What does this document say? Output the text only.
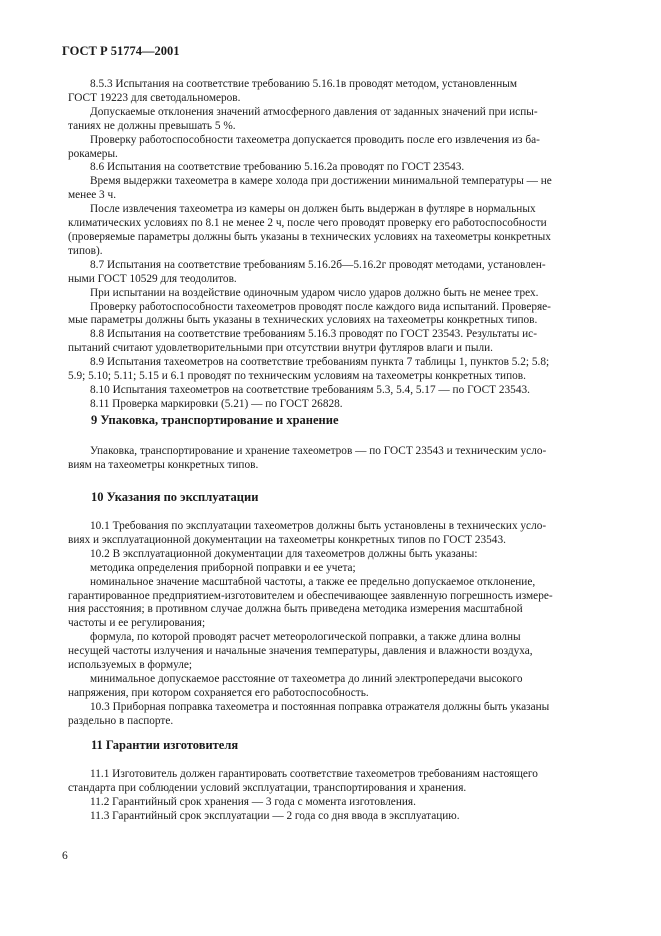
ГОСТ Р 51774—2001

8.5.3 Испытания на соответствие требованию 5.16.1в проводят методом, установленным

ГОСТ 19223 для светодальномеров.

Допускаемые отклонения значений атмосферного давления от заданных значений при испы-

таниях не должны превышать 5 %.

Проверку работоспособности тахеометра допускается проводить после его извлечения из ба-

рокамеры.

8.6 Испытания на соответствие требованию 5.16.2а проводят по ГОСТ 23543.

Время выдержки тахеометра в камере холода при достижении минимальной температуры — не

менее 3 ч.

После извлечения тахеометра из камеры он должен быть выдержан в футляре в нормальных

климатических условиях по 8.1 не менее 2 ч, после чего проводят проверку его работоспособности

(проверяемые параметры должны быть указаны в технических условиях на тахеометры конкретных

типов).

8.7 Испытания на соответствие требованиям 5.16.2б—5.16.2г проводят методами, установлен-

ными ГОСТ 10529 для теодолитов.

При испытании на воздействие одиночным ударом число ударов должно быть не менее трех.

Проверку работоспособности тахеометров проводят после каждого вида испытаний. Проверяе-

мые параметры должны быть указаны в технических условиях на тахеометры конкретных типов.

8.8 Испытания на соответствие требованиям 5.16.3 проводят по ГОСТ 23543. Результаты ис-

пытаний считают удовлетворительными при отсутствии внутри футляров влаги и пыли.

8.9 Испытания тахеометров на соответствие требованиям пункта 7 таблицы 1, пунктов 5.2; 5.8;

5.9; 5.10; 5.11; 5.15 и 6.1 проводят по техническим условиям на тахеометры конкретных типов.

8.10 Испытания тахеометров на соответствие требованиям 5.3, 5.4, 5.17 — по ГОСТ 23543.

8.11 Проверка маркировки (5.21) — по ГОСТ 26828.

9 Упаковка, транспортирование и хранение

Упаковка, транспортирование и хранение тахеометров — по ГОСТ 23543 и техническим усло-

виям на тахеометры конкретных типов.

10 Указания по эксплуатации

10.1 Требования по эксплуатации тахеометров должны быть установлены в технических усло-

виях и эксплуатационной документации на тахеометры конкретных типов по ГОСТ 23543.

10.2 В эксплуатационной документации для тахеометров должны быть указаны:

методика определения приборной поправки и ее учета;

номинальное значение масштабной частоты, а также ее предельно допускаемое отклонение,

гарантированное предприятием-изготовителем и обеспечивающее заявленную погрешность измере-

ния расстояния; в противном случае должна быть приведена методика измерения масштабной

частоты и ее регулирования;

формула, по которой проводят расчет метеорологической поправки, а также длина волны

несущей частоты излучения и начальные значения температуры, давления и влажности воздуха,

используемых в формуле;

минимальное допускаемое расстояние от тахеометра до линий электропередачи высокого

напряжения, при котором сохраняется его работоспособность.

10.3 Приборная поправка тахеометра и постоянная поправка отражателя должны быть указаны

раздельно в паспорте.

11 Гарантии изготовителя

11.1 Изготовитель должен гарантировать соответствие тахеометров требованиям настоящего

стандарта при соблюдении условий эксплуатации, транспортирования и хранения.

11.2 Гарантийный срок хранения — 3 года с момента изготовления.

11.3 Гарантийный срок эксплуатации — 2 года со дня ввода в эксплуатацию.

6
